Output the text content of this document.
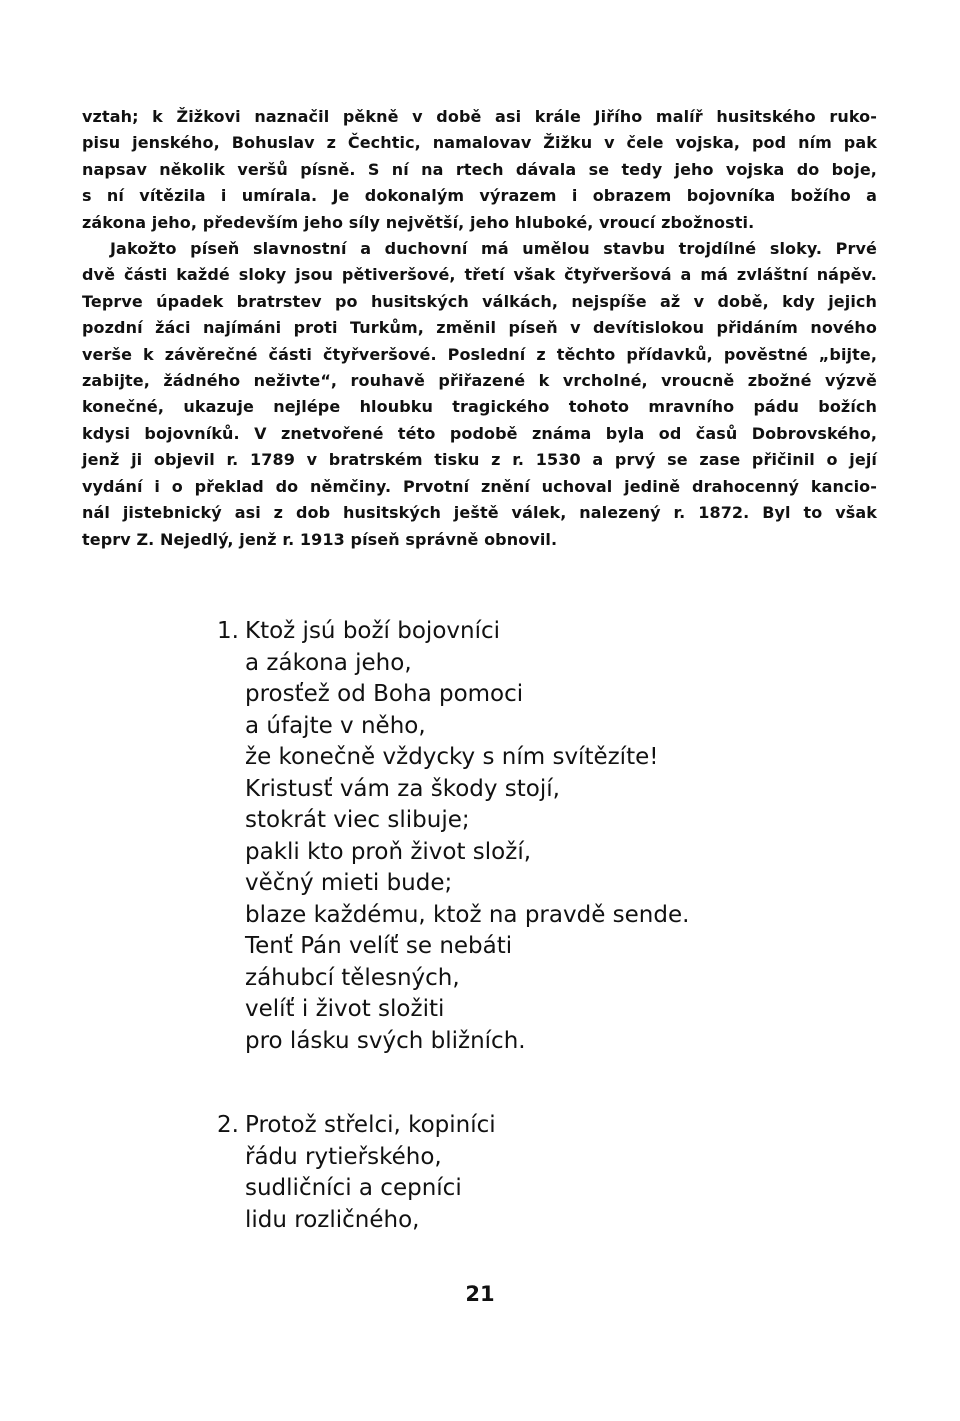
vztah; k Žižkovi naznačil pěkně v době asi krále Jiřího malíř husitského ruko-
pisu jenského, Bohuslav z Čechtic, namalovav Žižku v čele vojska, pod ním pak
napsav několik veršů písně. S ní na rtech dávala se tedy jeho vojska do boje,
s ní vítězila i umírala. Je dokonalým výrazem i obrazem bojovníka božího a
zákona jeho, především jeho síly největší, jeho hluboké, vroucí zbožnosti.
Jakožto píseň slavnostní a duchovní má umělou stavbu trojdílné sloky. Prvé
dvě části každé sloky jsou pětiveršové, třetí však čtyřveršová a má zvláštní nápěv.
Teprve úpadek bratrstev po husitských válkách, nejspíše až v době, kdy jejich
pozdní žáci najímáni proti Turkům, změnil píseň v devítislokou přidáním nového
verše k závěrečné části čtyřveršové. Poslední z těchto přídavků, pověstné „bijte,
zabijte, žádného neživte“, rouhavě přiřazené k vrcholné, vroucně zbožné výzvě
konečné, ukazuje nejlépe hloubku tragického tohoto mravního pádu božích
kdysi bojovníků. V znetvořené této podobě známa byla od časů Dobrovského,
jenž ji objevil r. 1789 v bratrském tisku z r. 1530 a prvý se zase přičinil o její
vydání i o překlad do němčiny. Prvotní znění uchoval jedině drahocenný kancio-
nál jistebnický asi z dob husitských ještě válek, nalezený r. 1872. Byl to však
teprv Z. Nejedlý, jenž r. 1913 píseň správně obnovil.
1. Ktož jsú boží bojovníci
a zákona jeho,
prosťež od Boha pomoci
a úfajte v něho,
že konečně vždycky s ním svítězíte!
Kristusť vám za škody stojí,
stokrát viec slibuje;
pakli kto proň život složí,
věčný mieti bude;
blaze každému, ktož na pravdě sende.
Tenť Pán velíť se nebáti
záhubcí tělesných,
velíť i život složiti
pro lásku svých bližních.
2. Protož střelci, kopiníci
řádu rytieřského,
sudličníci a cepníci
lidu rozličného,
21
